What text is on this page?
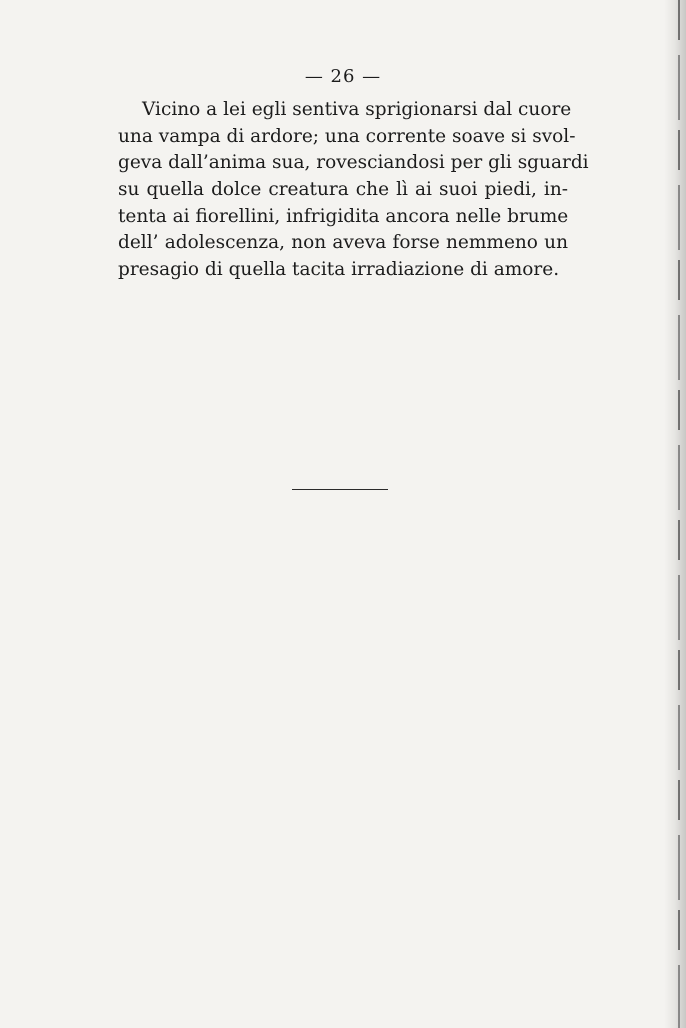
— 26 —
Vicino a lei egli sentiva sprigionarsi dal cuore
una vampa di ardore; una corrente soave si svol-
geva dall’anima sua, rovesciandosi per gli sguardi
su quella dolce creatura che lì ai suoi piedi, in-
tenta ai fiorellini, infrigidita ancora nelle brume
dell’ adolescenza, non aveva forse nemmeno un
presagio di quella tacita irradiazione di amore.
